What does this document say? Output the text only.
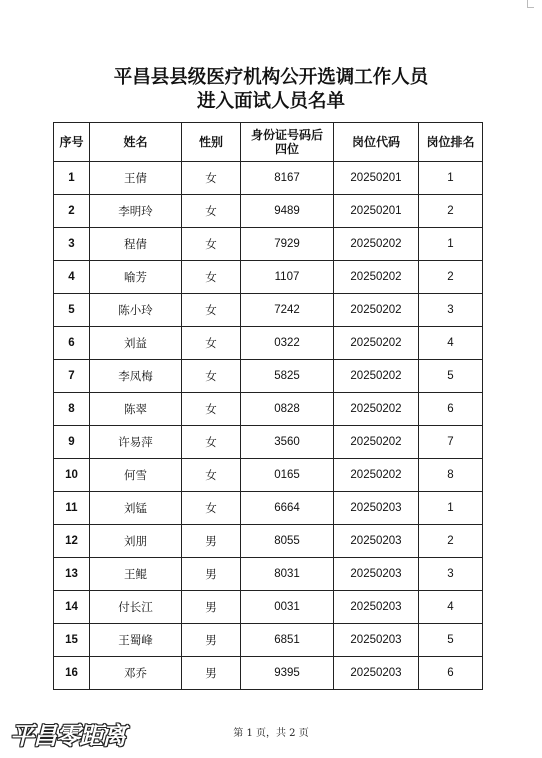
平昌县县级医疗机构公开选调工作人员
进入面试人员名单
序号	姓名	性别	身份证号码后四位	岗位代码	岗位排名
1	王倩	女	8167	20250201	1
2	李明玲	女	9489	20250201	2
3	程倩	女	7929	20250202	1
4	喻芳	女	1107	20250202	2
5	陈小玲	女	7242	20250202	3
6	刘益	女	0322	20250202	4
7	李凤梅	女	5825	20250202	5
8	陈翠	女	0828	20250202	6
9	许易萍	女	3560	20250202	7
10	何雪	女	0165	20250202	8
11	刘锰	女	6664	20250203	1
12	刘朋	男	8055	20250203	2
13	王鲲	男	8031	20250203	3
14	付长江	男	0031	20250203	4
15	王蜀峰	男	6851	20250203	5
16	邓乔	男	9395	20250203	6
第 1 页，共 2 页
平昌零距离
